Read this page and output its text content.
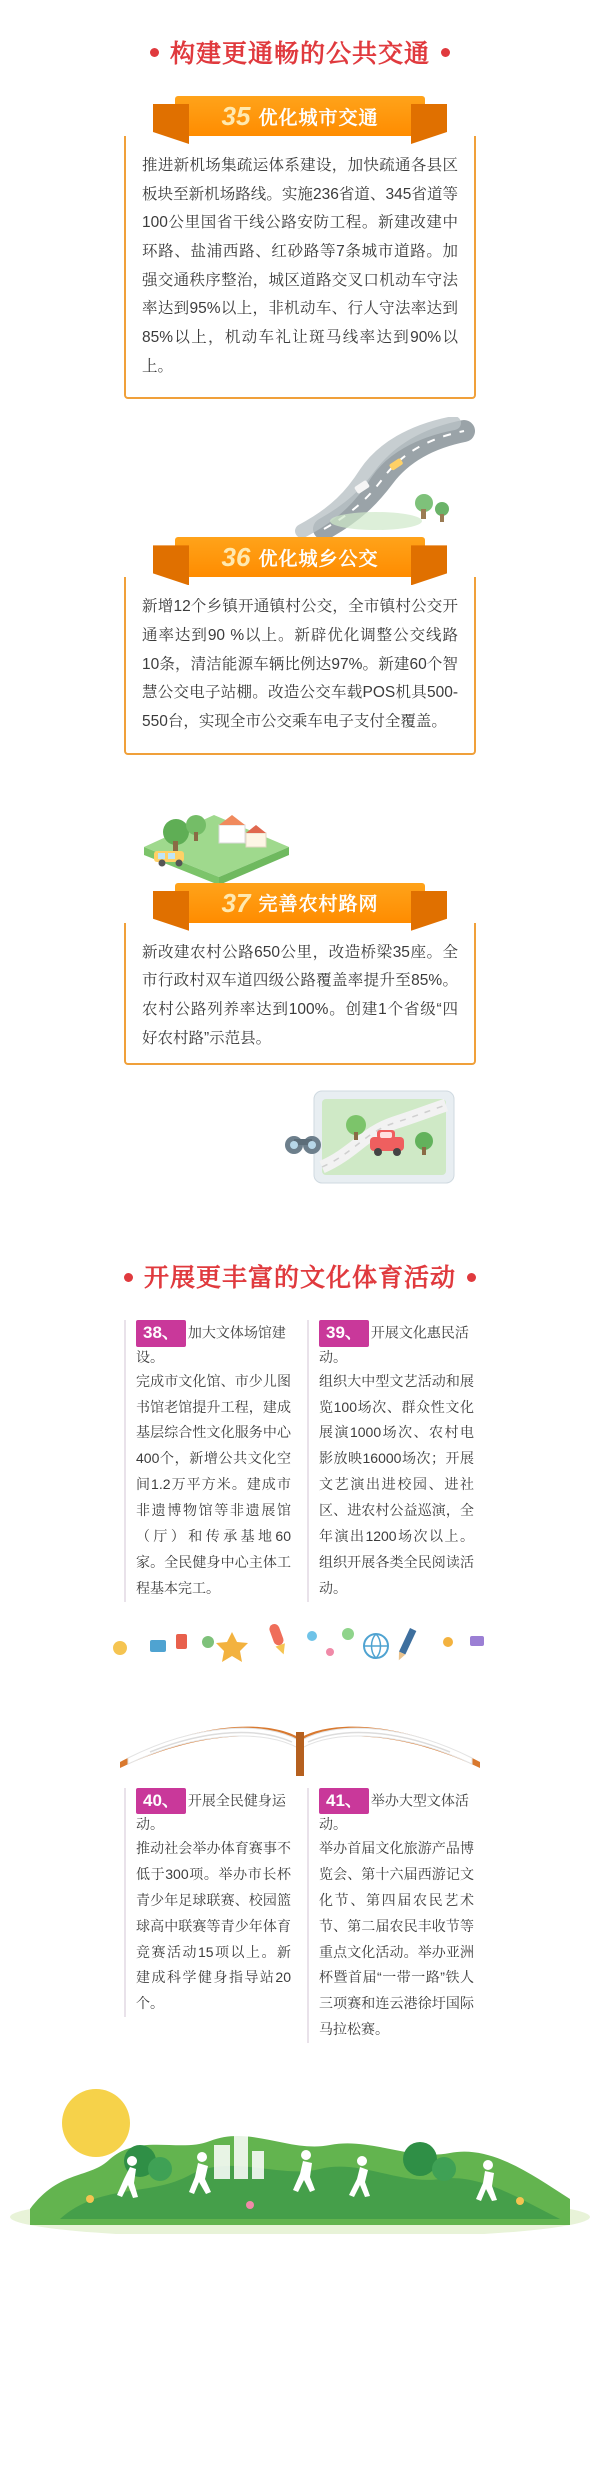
构建更通畅的公共交通
35 优化城市交通
推进新机场集疏运体系建设，加快疏通各县区板块至新机场路线。实施236省道、345省道等100公里国省干线公路安防工程。新建改建中环路、盐浦西路、红砂路等7条城市道路。加强交通秩序整治，城区道路交叉口机动车守法率达到95%以上，非机动车、行人守法率达到85%以上，机动车礼让斑马线率达到90%以上。
36 优化城乡公交
新增12个乡镇开通镇村公交，全市镇村公交开通率达到90 %以上。新辟优化调整公交线路10条，清洁能源车辆比例达97%。新建60个智慧公交电子站棚。改造公交车载POS机具500-550台，实现全市公交乘车电子支付全覆盖。
37 完善农村路网
新改建农村公路650公里，改造桥梁35座。全市行政村双车道四级公路覆盖率提升至85%。农村公路列养率达到100%。创建1个省级“四好农村路”示范县。
开展更丰富的文化体育活动
38、 加大文体场馆建设。
完成市文化馆、市少儿图书馆老馆提升工程，建成基层综合性文化服务中心400个，新增公共文化空间1.2万平方米。建成市非遗博物馆等非遗展馆（厅）和传承基地60家。全民健身中心主体工程基本完工。
39、 开展文化惠民活动。
组织大中型文艺活动和展览100场次、群众性文化展演1000场次、农村电影放映16000场次；开展文艺演出进校园、进社区、进农村公益巡演，全年演出1200场次以上。组织开展各类全民阅读活动。
40、 开展全民健身运动。
推动社会举办体育赛事不低于300项。举办市长杯青少年足球联赛、校园篮球高中联赛等青少年体育竞赛活动15项以上。新建成科学健身指导站20个。
41、 举办大型文体活动。
举办首届文化旅游产品博览会、第十六届西游记文化节、第四届农民艺术节、第二届农民丰收节等重点文化活动。举办亚洲杯暨首届“一带一路”铁人三项赛和连云港徐圩国际马拉松赛。
